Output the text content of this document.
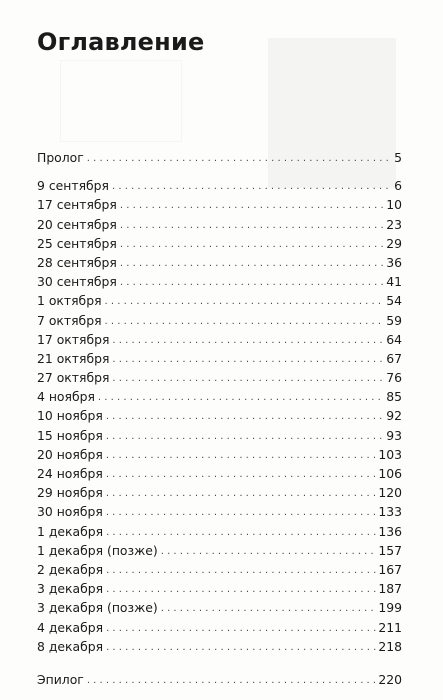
Оглавление
Пролог . . .	5
9 сентября . . .	6
17 сентября . . .	10
20 сентября . . .	23
25 сентября . . .	29
28 сентября . . .	36
30 сентября . . .	41
1 октября . . .	54
7 октября . . .	59
17 октября . . .	64
21 октября . . .	67
27 октября . . .	76
4 ноября . . .	85
10 ноября . . .	92
15 ноября . . .	93
20 ноября . . .	103
24 ноября . . .	106
29 ноября . . .	120
30 ноября . . .	133
1 декабря . . .	136
1 декабря (позже) . . .	157
2 декабря . . .	167
3 декабря . . .	187
3 декабря (позже) . . .	199
4 декабря . . .	211
8 декабря . . .	218
Эпилог . . .	220
